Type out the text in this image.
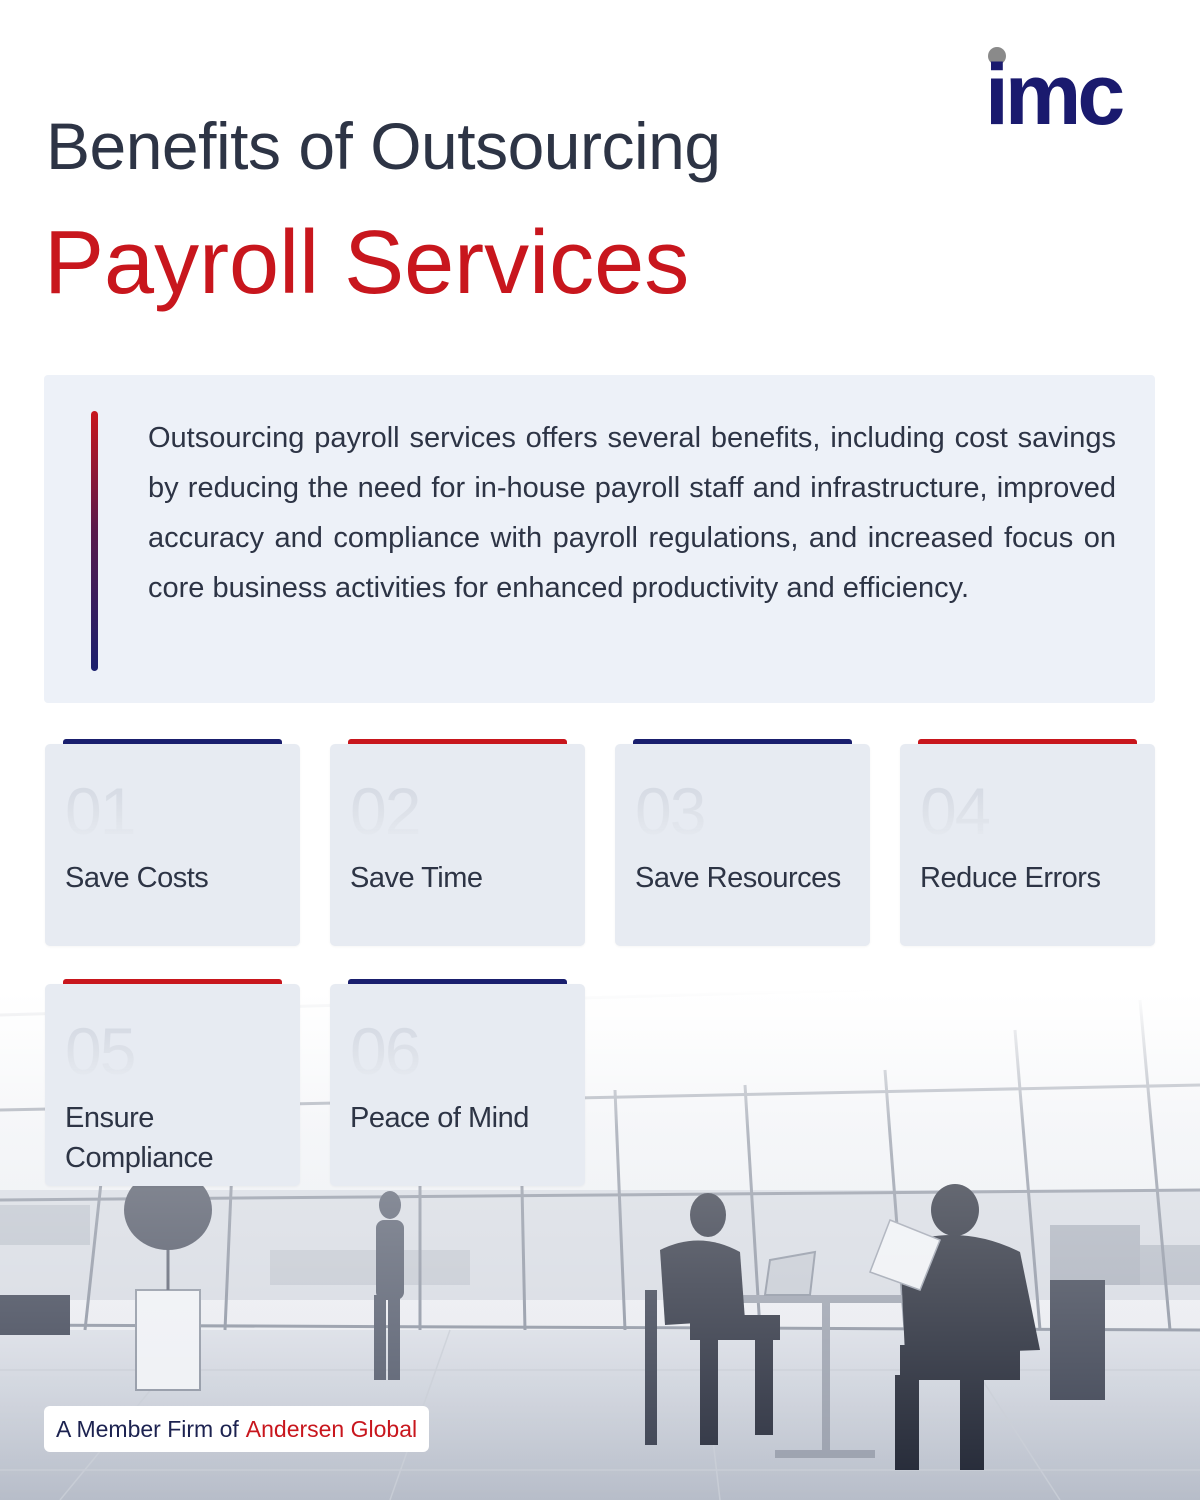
imc
Benefits of Outsourcing
Payroll Services

Outsourcing payroll services offers several benefits, including cost savings by reducing the need for in-house payroll staff and infrastructure, improved accuracy and compliance with payroll regulations, and increased focus on core business activities for enhanced productivity and efficiency.

01
Save Costs
02
Save Time
03
Save Resources
04
Reduce Errors
05
Ensure Compliance
06
Peace of Mind
A Member Firm of Andersen Global
